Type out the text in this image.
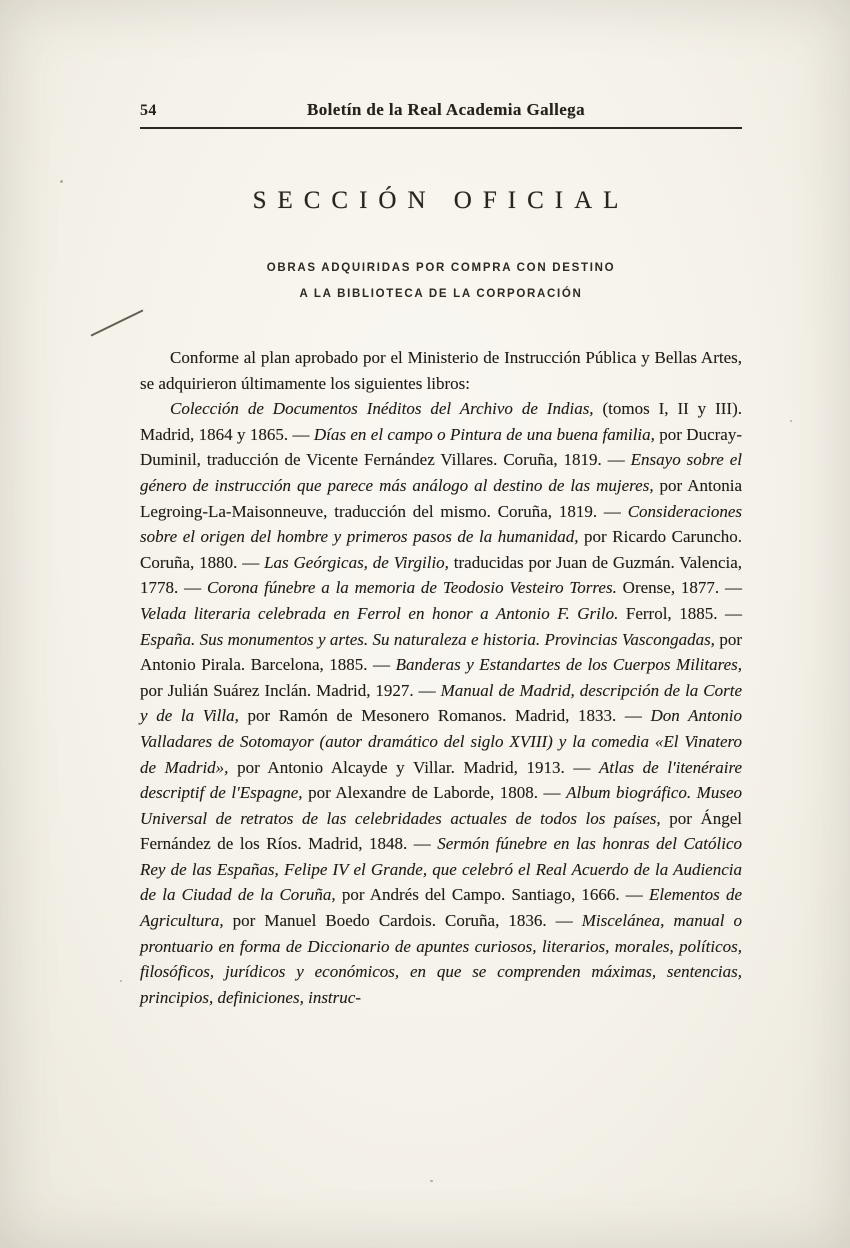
54	Boletín de la Real Academia Gallega
SECCIÓN OFICIAL
OBRAS ADQUIRIDAS POR COMPRA CON DESTINO
A LA BIBLIOTECA DE LA CORPORACIÓN

Conforme al plan aprobado por el Ministerio de Instrucción Pública y Bellas Artes, se adquirieron últimamente los siguientes libros:

Colección de Documentos Inéditos del Archivo de Indias, (tomos I, II y III). Madrid, 1864 y 1865. — Días en el campo o Pintura de una buena familia, por Ducray-Duminil, traducción de Vicente Fernández Villares. Coruña, 1819. — Ensayo sobre el género de instrucción que parece más análogo al destino de las mujeres, por Antonia Legroing-La-Maisonneuve, traducción del mismo. Coruña, 1819. — Consideraciones sobre el origen del hombre y primeros pasos de la humanidad, por Ricardo Caruncho. Coruña, 1880. — Las Geórgicas, de Virgilio, traducidas por Juan de Guzmán. Valencia, 1778. — Corona fúnebre a la memoria de Teodosio Vesteiro Torres. Orense, 1877. — Velada literaria celebrada en Ferrol en honor a Antonio F. Grilo. Ferrol, 1885. — España. Sus monumentos y artes. Su naturaleza e historia. Provincias Vascongadas, por Antonio Pirala. Barcelona, 1885. — Banderas y Estandartes de los Cuerpos Militares, por Julián Suárez Inclán. Madrid, 1927. — Manual de Madrid, descripción de la Corte y de la Villa, por Ramón de Mesonero Romanos. Madrid, 1833. — Don Antonio Valladares de Sotomayor (autor dramático del siglo XVIII) y la comedia «El Vinatero de Madrid», por Antonio Alcayde y Villar. Madrid, 1913. — Atlas de l'itenéraire descriptif de l'Espagne, por Alexandre de Laborde, 1808. — Album biográfico. Museo Universal de retratos de las celebridades actuales de todos los países, por Ángel Fernández de los Ríos. Madrid, 1848. — Sermón fúnebre en las honras del Católico Rey de las Españas, Felipe IV el Grande, que celebró el Real Acuerdo de la Audiencia de la Ciudad de la Coruña, por Andrés del Campo. Santiago, 1666. — Elementos de Agricultura, por Manuel Boedo Cardois. Coruña, 1836. — Miscelánea, manual o prontuario en forma de Diccionario de apuntes curiosos, literarios, morales, políticos, filosóficos, jurídicos y económicos, en que se comprenden máximas, sentencias, principios, definiciones, instruc-
